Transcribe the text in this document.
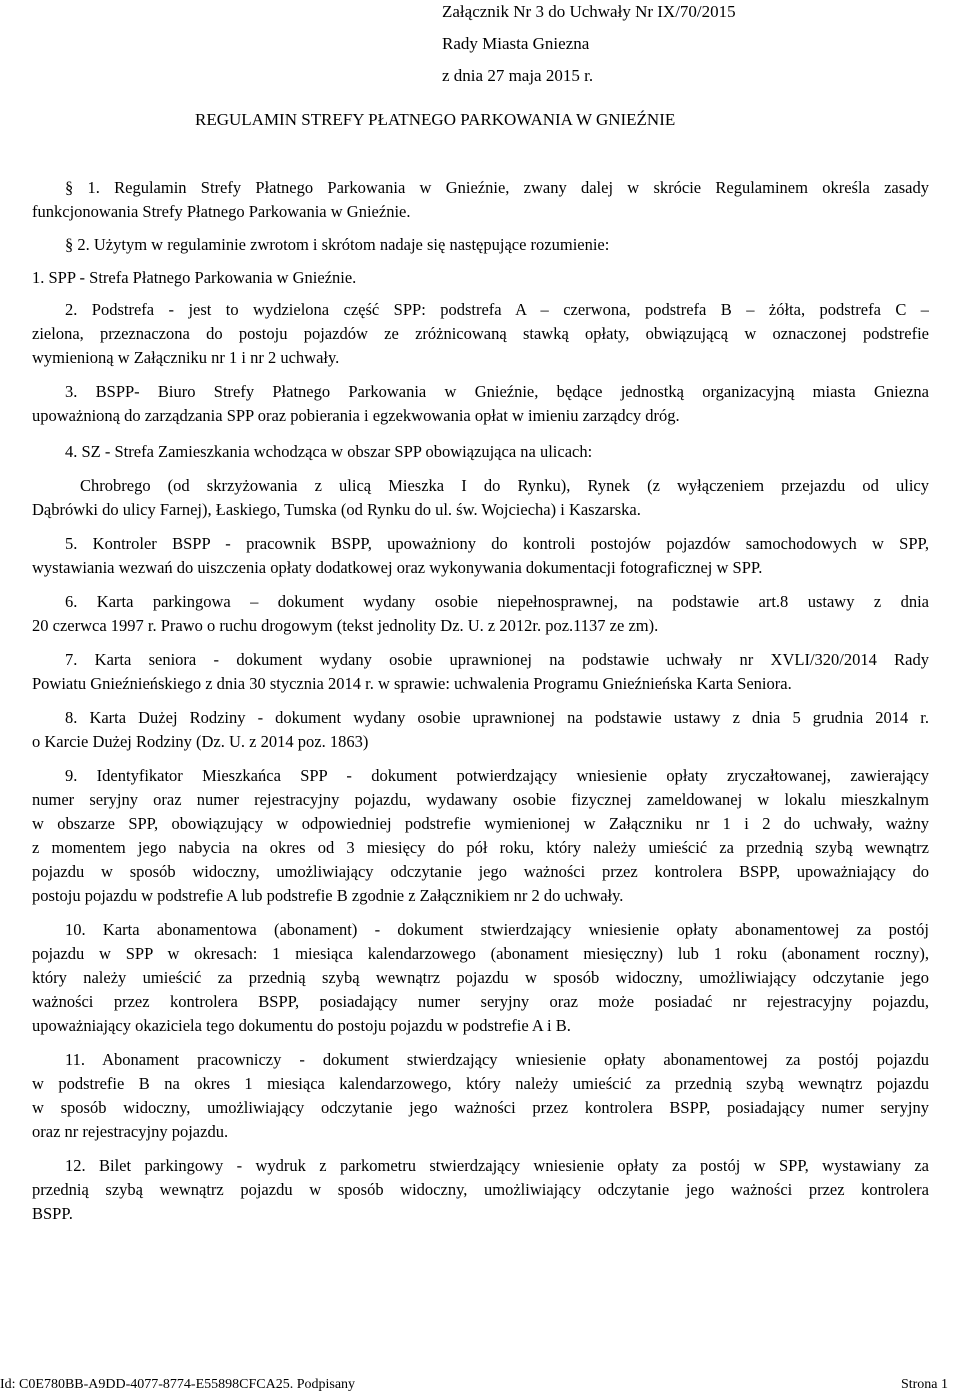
Załącznik Nr 3 do Uchwały Nr IX/70/2015
Rady Miasta Gniezna
z dnia 27 maja 2015 r.
REGULAMIN STREFY PŁATNEGO PARKOWANIA W GNIEŹNIE
§ 1. Regulamin Strefy Płatnego Parkowania w Gnieźnie, zwany dalej w skrócie Regulaminem określa zasady
funkcjonowania Strefy Płatnego Parkowania w Gnieźnie.
§ 2. Użytym w regulaminie zwrotom i skrótom nadaje się następujące rozumienie:
1. SPP - Strefa Płatnego Parkowania w Gnieźnie.
2. Podstrefa - jest to wydzielona część SPP: podstrefa A – czerwona, podstrefa B – żółta, podstrefa C –
zielona, przeznaczona do postoju pojazdów ze zróżnicowaną stawką opłaty, obwiązującą w oznaczonej podstrefie
wymienioną w Załączniku nr 1 i nr 2 uchwały.
3. BSPP- Biuro Strefy Płatnego Parkowania w Gnieźnie, będące jednostką organizacyjną miasta Gniezna
upoważnioną do zarządzania SPP oraz pobierania i egzekwowania opłat w imieniu zarządcy dróg.
4. SZ - Strefa Zamieszkania wchodząca w obszar SPP obowiązująca na ulicach:
Chrobrego (od skrzyżowania z ulicą Mieszka I do Rynku), Rynek (z wyłączeniem przejazdu od ulicy
Dąbrówki do ulicy Farnej), Łaskiego, Tumska (od Rynku do ul. św. Wojciecha) i Kaszarska.
5. Kontroler BSPP - pracownik BSPP, upoważniony do kontroli postojów pojazdów samochodowych w SPP,
wystawiania wezwań do uiszczenia opłaty dodatkowej oraz wykonywania dokumentacji fotograficznej w SPP.
6. Karta parkingowa – dokument wydany osobie niepełnosprawnej, na podstawie art.8 ustawy z dnia
20 czerwca 1997 r. Prawo o ruchu drogowym (tekst jednolity Dz. U. z 2012r. poz.1137 ze zm).
7. Karta seniora - dokument wydany osobie uprawnionej na podstawie uchwały nr XVLI/320/2014 Rady
Powiatu Gnieźnieńskiego z dnia 30 stycznia 2014 r. w sprawie: uchwalenia Programu Gnieźnieńska Karta Seniora.
8. Karta Dużej Rodziny - dokument wydany osobie uprawnionej na podstawie ustawy z dnia 5 grudnia 2014 r.
o Karcie Dużej Rodziny (Dz. U. z 2014 poz. 1863)
9. Identyfikator Mieszkańca SPP - dokument potwierdzający wniesienie opłaty zryczałtowanej, zawierający
numer seryjny oraz numer rejestracyjny pojazdu, wydawany osobie fizycznej zameldowanej w lokalu mieszkalnym
w obszarze SPP, obowiązujący w odpowiedniej podstrefie wymienionej w Załączniku nr 1 i 2 do uchwały, ważny
z momentem jego nabycia na okres od 3 miesięcy do pół roku, który należy umieścić za przednią szybą wewnątrz
pojazdu w sposób widoczny, umożliwiający odczytanie jego ważności przez kontrolera BSPP, upoważniający do
postoju pojazdu w podstrefie A lub podstrefie B zgodnie z Załącznikiem nr 2 do uchwały.
10. Karta abonamentowa (abonament) - dokument stwierdzający wniesienie opłaty abonamentowej za postój
pojazdu w SPP w okresach: 1 miesiąca kalendarzowego (abonament miesięczny) lub 1 roku (abonament roczny),
który należy umieścić za przednią szybą wewnątrz pojazdu w sposób widoczny, umożliwiający odczytanie jego
ważności przez kontrolera BSPP, posiadający numer seryjny oraz może posiadać nr rejestracyjny pojazdu,
upoważniający okaziciela tego dokumentu do postoju pojazdu w podstrefie A i B.
11. Abonament pracowniczy - dokument stwierdzający wniesienie opłaty abonamentowej za postój pojazdu
w podstrefie B na okres 1 miesiąca kalendarzowego, który należy umieścić za przednią szybą wewnątrz pojazdu
w sposób widoczny, umożliwiający odczytanie jego ważności przez kontrolera BSPP, posiadający numer seryjny
oraz nr rejestracyjny pojazdu.
12. Bilet parkingowy - wydruk z parkometru stwierdzający wniesienie opłaty za postój w SPP, wystawiany za
przednią szybą wewnątrz pojazdu w sposób widoczny, umożliwiający odczytanie jego ważności przez kontrolera
BSPP.
Id: C0E780BB-A9DD-4077-8774-E55898CFCA25. Podpisany	Strona 1
